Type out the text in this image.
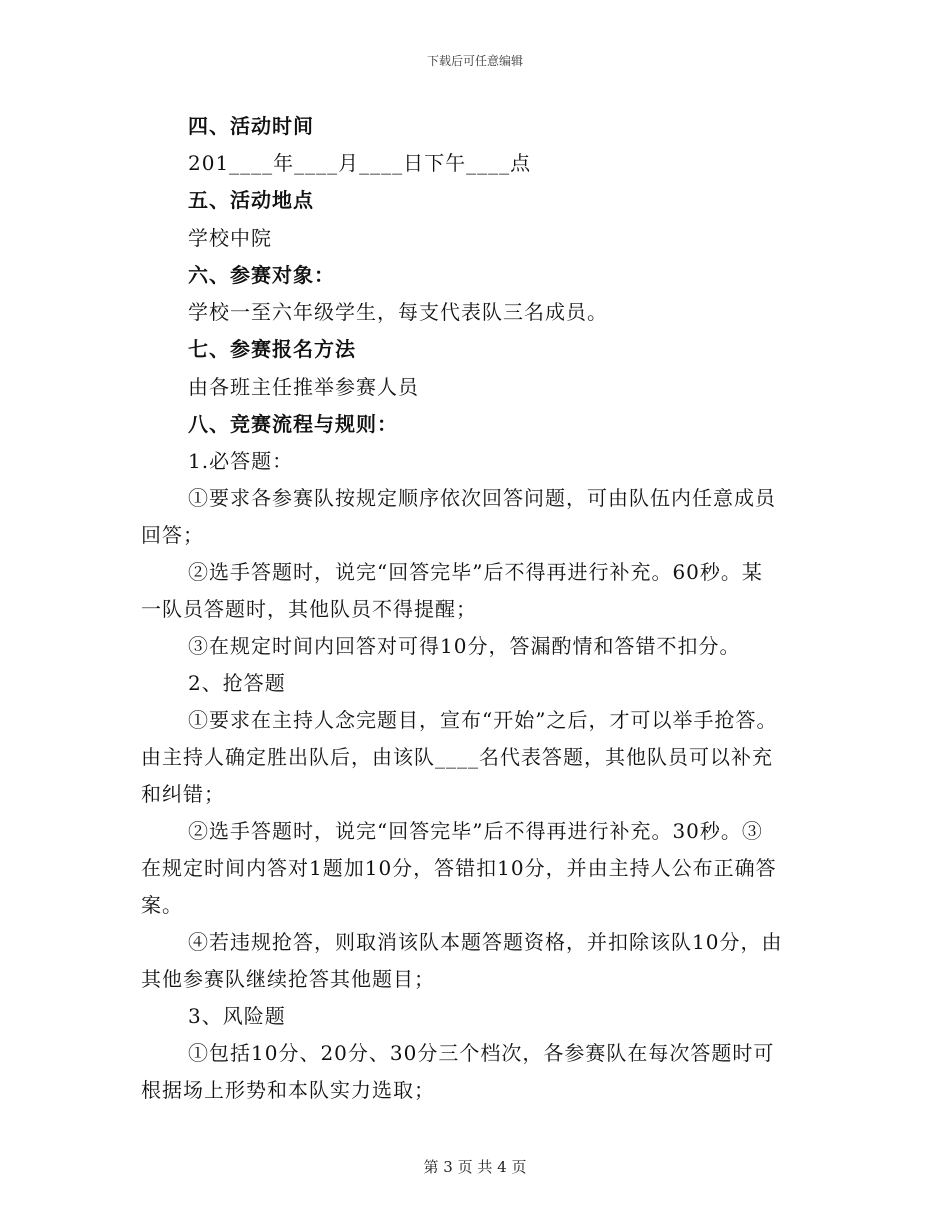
下载后可任意编辑
四、活动时间
201____年____月____日下午____点
五、活动地点
学校中院
六、参赛对象：
学校一至六年级学生，每支代表队三名成员。
七、参赛报名方法
由各班主任推举参赛人员
八、竞赛流程与规则：
1.必答题：
①要求各参赛队按规定顺序依次回答问题，可由队伍内任意成员
回答；
②选手答题时，说完“回答完毕”后不得再进行补充。60秒。某
一队员答题时，其他队员不得提醒；
③在规定时间内回答对可得10分，答漏酌情和答错不扣分。
2、抢答题
①要求在主持人念完题目，宣布“开始”之后，才可以举手抢答。
由主持人确定胜出队后，由该队____名代表答题，其他队员可以补充
和纠错；
②选手答题时，说完“回答完毕”后不得再进行补充。30秒。③
在规定时间内答对1题加10分，答错扣10分，并由主持人公布正确答
案。
④若违规抢答，则取消该队本题答题资格，并扣除该队10分，由
其他参赛队继续抢答其他题目；
3、风险题
①包括10分、20分、30分三个档次，各参赛队在每次答题时可
根据场上形势和本队实力选取；
第 3 页 共 4 页
